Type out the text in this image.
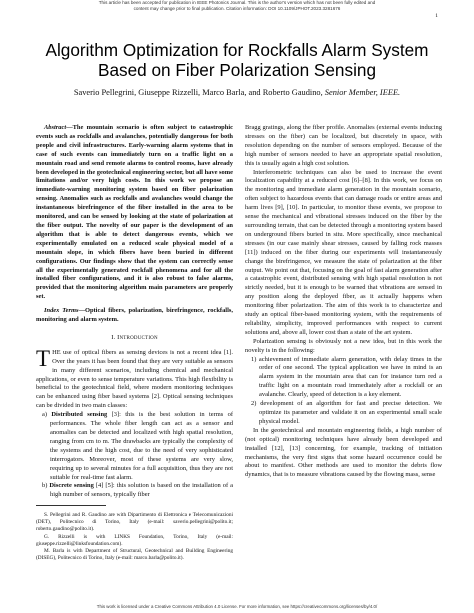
This article has been accepted for publication in IEEE Photonics Journal. This is the author's version which has not been fully edited and
content may change prior to final publication. Citation information: DOI 10.1109/JPHOT.2023.3281676
1
Algorithm Optimization for Rockfalls Alarm System Based on Fiber Polarization Sensing
Saverio Pellegrini, Giuseppe Rizzelli, Marco Barla, and Roberto Gaudino, Senior Member, IEEE.

Abstract—The mountain scenario is often subject to catastrophic events such as rockfalls and avalanches, potentially dangerous for both people and civil infrastructures. Early-warning alarm systems that in case of such events can immediately turn on a traffic light on a mountain road and send remote alarms to control rooms, have already been developed in the geotechnical engineering sector, but all have some limitations and/or very high costs. In this work we propose an immediate-warning monitoring system based on fiber polarization sensing. Anomalies such as rockfalls and avalanches would change the instantaneous birefringence of the fiber installed in the area to be monitored, and can be sensed by looking at the state of polarization at the fiber output. The novelty of our paper is the development of an algorithm that is able to detect dangerous events, which we experimentally emulated on a reduced scale physical model of a mountain slope, in which fibers have been buried in different configurations. Our findings show that the system can correctly sense all the experimentally generated rockfall phenomena and for all the installed fiber configurations, and it is also robust to false alarms, provided that the monitoring algorithm main parameters are properly set.

Index Terms—Optical fibers, polarization, birefringence, rockfalls, monitoring and alarm system.

I. Introduction

THE use of optical fibers as sensing devices is not a recent idea [1]. Over the years it has been found that they are very suitable as sensors in many different scenarios, including chemical and mechanical applications, or even to sense temperature variations. This high flexibility is beneficial to the geotechnical field, where modern monitoring techniques can be enhanced using fiber based systems [2]. Optical sensing techniques can be divided in two main classes:

a) Distributed sensing [3]: this is the best solution in terms of performances. The whole fiber length can act as a sensor and anomalies can be detected and localized with high spatial resolution, ranging from cm to m. The drawbacks are typically the complexity of the systems and the high cost, due to the need of very sophisticated interrogators. Moreover, most of these systems are very slow, requiring up to several minutes for a full acquisition, thus they are not suitable for real-time fast alarm.

b) Discrete sensing [4] [5]: this solution is based on the installation of a high number of sensors, typically fiber

S. Pellegrini and R. Gaudino are with Dipartimento di Elettronica e Telecomunicazioni (DET), Politecnico di Torino, Italy (e-mail: saverio.pellegrini@polito.it; roberto.gaudino@polito.it).

G. Rizzelli is with LINKS Foundation, Torino, Italy (e-mail: giuseppe.rizzelli@linksfoundation.com).

M. Barla is with Department of Structural, Geotechnical and Building Engineering (DISEG), Politecnico di Torino, Italy (e-mail: marco.barla@polito.it).

Bragg gratings, along the fiber profile. Anomalies (external events inducing stresses on the fiber) can be localized, but discretely in space, with resolution depending on the number of sensors employed. Because of the high number of sensors needed to have an appropriate spatial resolution, this is usually again a high cost solution.

Interferometric techniques can also be used to increase the event localization capability at a reduced cost [6]–[8]. In this work, we focus on the monitoring and immediate alarm generation in the mountain scenario, often subject to hazardous events that can damage roads or entire areas and harm lives [9], [10]. In particular, to monitor these events, we propose to sense the mechanical and vibrational stresses induced on the fiber by the surrounding terrain, that can be detected through a monitoring system based on underground fibers buried in situ. More specifically, since mechanical stresses (in our case mainly shear stresses, caused by falling rock masses [11]) induced on the fiber during our experiments will instantaneously change the birefringence, we measure the state of polarization at the fiber output. We point out that, focusing on the goal of fast alarm generation after a catastrophic event, distributed sensing with high spatial resolution is not strictly needed, but it is enough to be warned that vibrations are sensed in any position along the deployed fiber, as it actually happens when monitoring fiber polarization. The aim of this work is to characterize and study an optical fiber-based monitoring system, with the requirements of reliability, simplicity, improved performances with respect to current solutions and, above all, lower cost than a state of the art system.

Polarization sensing is obviously not a new idea, but in this work the novelty is in the following:

1) achievement of immediate alarm generation, with delay times in the order of one second. The typical application we have in mind is an alarm system in the mountain area that can for instance turn red a traffic light on a mountain road immediately after a rockfall or an avalanche. Clearly, speed of detection is a key element.

2) development of an algorithm for fast and precise detection. We optimize its parameter and validate it on an experimental small scale physical model.

In the geotechnical and mountain engineering fields, a high number of (not optical) monitoring techniques have already been developed and installed [12], [13] concerning, for example, tracking of initiation mechanisms, the very first signs that some hazard occurrence could be about to manifest. Other methods are used to monitor the debris flow dynamics, that is to measure vibrations caused by the flowing mass, sense

This work is licensed under a Creative Commons Attribution 4.0 License. For more information, see https://creativecommons.org/licenses/by/4.0/
